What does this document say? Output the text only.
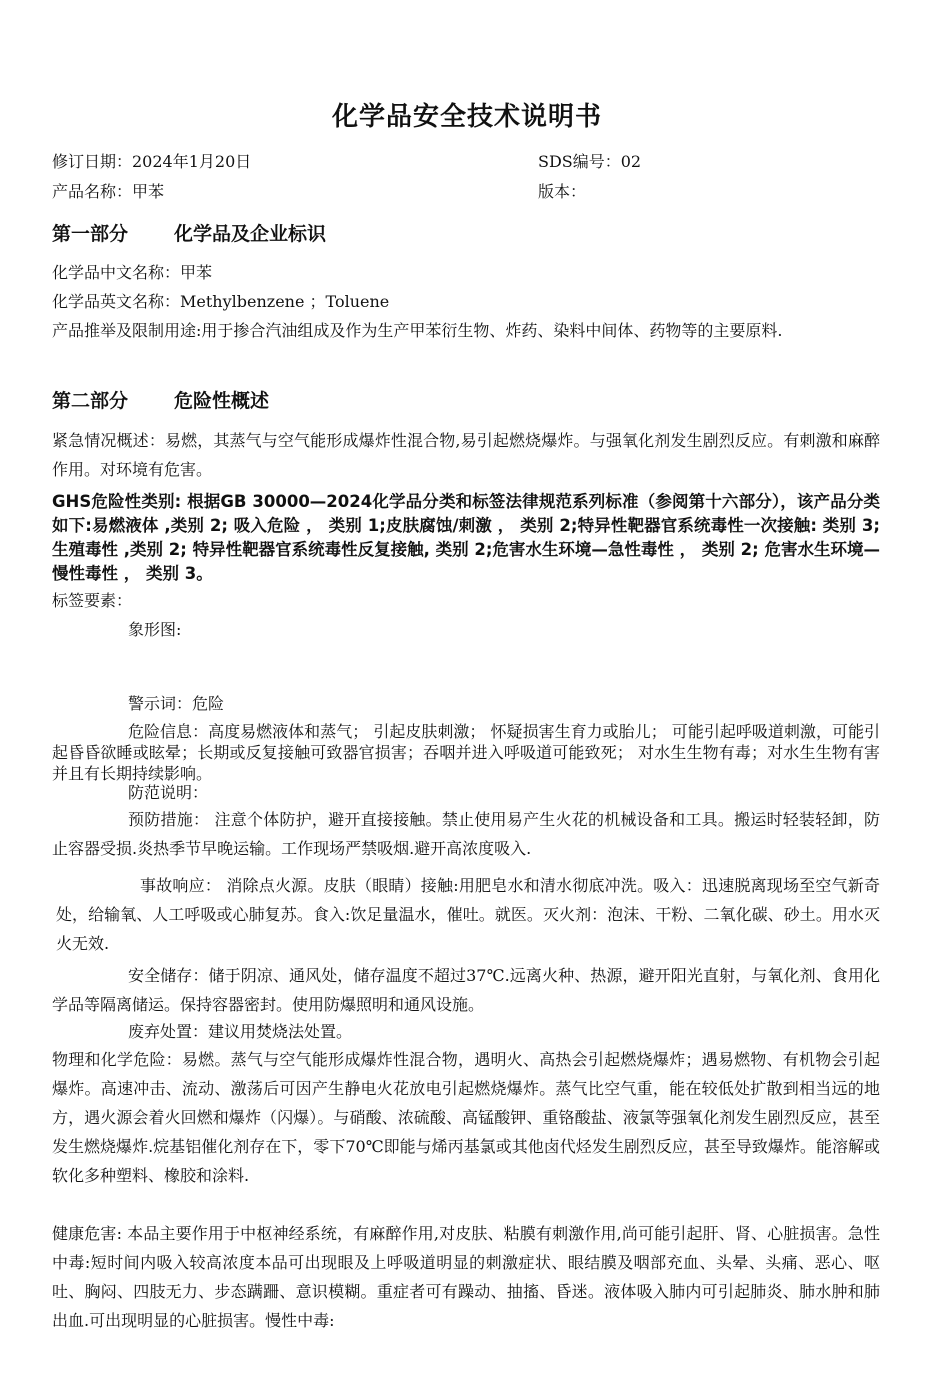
化学品安全技术说明书
修订日期：2024年1月20日	SDS编号：02
产品名称：甲苯	版本：
第一部分 化学品及企业标识
化学品中文名称：甲苯
化学品英文名称：Methylbenzene ；Toluene
产品推举及限制用途:用于掺合汽油组成及作为生产甲苯衍生物、炸药、染料中间体、药物等的主要原料.
第二部分 危险性概述
紧急情况概述：易燃，其蒸气与空气能形成爆炸性混合物,易引起燃烧爆炸。与强氧化剂发生剧烈反应。有刺激和麻醉作用。对环境有危害。
GHS危险性类别: 根据GB 30000—2024化学品分类和标签法律规范系列标准（参阅第十六部分），该产品分类如下:易燃液体 ,类别 2; 吸入危险 ， 类别 1;皮肤腐蚀/刺激 ， 类别 2;特异性靶器官系统毒性一次接触: 类别 3;生殖毒性 ,类别 2; 特异性靶器官系统毒性反复接触, 类别 2;危害水生环境—急性毒性 ， 类别 2; 危害水生环境—慢性毒性 ， 类别 3。
标签要素：
象形图:
警示词：危险
危险信息：高度易燃液体和蒸气； 引起皮肤刺激； 怀疑损害生育力或胎儿； 可能引起呼吸道刺激，可能引起昏昏欲睡或眩晕；长期或反复接触可致器官损害；吞咽并进入呼吸道可能致死； 对水生生物有毒；对水生生物有害并且有长期持续影响。
防范说明：
预防措施： 注意个体防护，避开直接接触。禁止使用易产生火花的机械设备和工具。搬运时轻装轻卸，防止容器受损.炎热季节早晚运输。工作现场严禁吸烟.避开高浓度吸入.
事故响应： 消除点火源。皮肤（眼睛）接触:用肥皂水和清水彻底冲洗。吸入：迅速脱离现场至空气新奇处，给输氧、人工呼吸或心肺复苏。食入:饮足量温水，催吐。就医。灭火剂：泡沫、干粉、二氧化碳、砂土。用水灭火无效.
安全储存：储于阴凉、通风处，储存温度不超过37℃.远离火种、热源，避开阳光直射，与氧化剂、食用化学品等隔离储运。保持容器密封。使用防爆照明和通风设施。
废弃处置：建议用焚烧法处置。
物理和化学危险：易燃。蒸气与空气能形成爆炸性混合物，遇明火、高热会引起燃烧爆炸；遇易燃物、有机物会引起爆炸。高速冲击、流动、激荡后可因产生静电火花放电引起燃烧爆炸。蒸气比空气重，能在较低处扩散到相当远的地方，遇火源会着火回燃和爆炸（闪爆）。与硝酸、浓硫酸、高锰酸钾、重铬酸盐、液氯等强氧化剂发生剧烈反应，甚至发生燃烧爆炸.烷基铝催化剂存在下，零下70℃即能与烯丙基氯或其他卤代烃发生剧烈反应，甚至导致爆炸。能溶解或软化多种塑料、橡胶和涂料.
健康危害: 本品主要作用于中枢神经系统，有麻醉作用,对皮肤、粘膜有刺激作用,尚可能引起肝、肾、心脏损害。急性中毒:短时间内吸入较高浓度本品可出现眼及上呼吸道明显的刺激症状、眼结膜及咽部充血、头晕、头痛、恶心、呕吐、胸闷、四肢无力、步态蹒跚、意识模糊。重症者可有躁动、抽搐、昏迷。液体吸入肺内可引起肺炎、肺水肿和肺出血.可出现明显的心脏损害。慢性中毒:
